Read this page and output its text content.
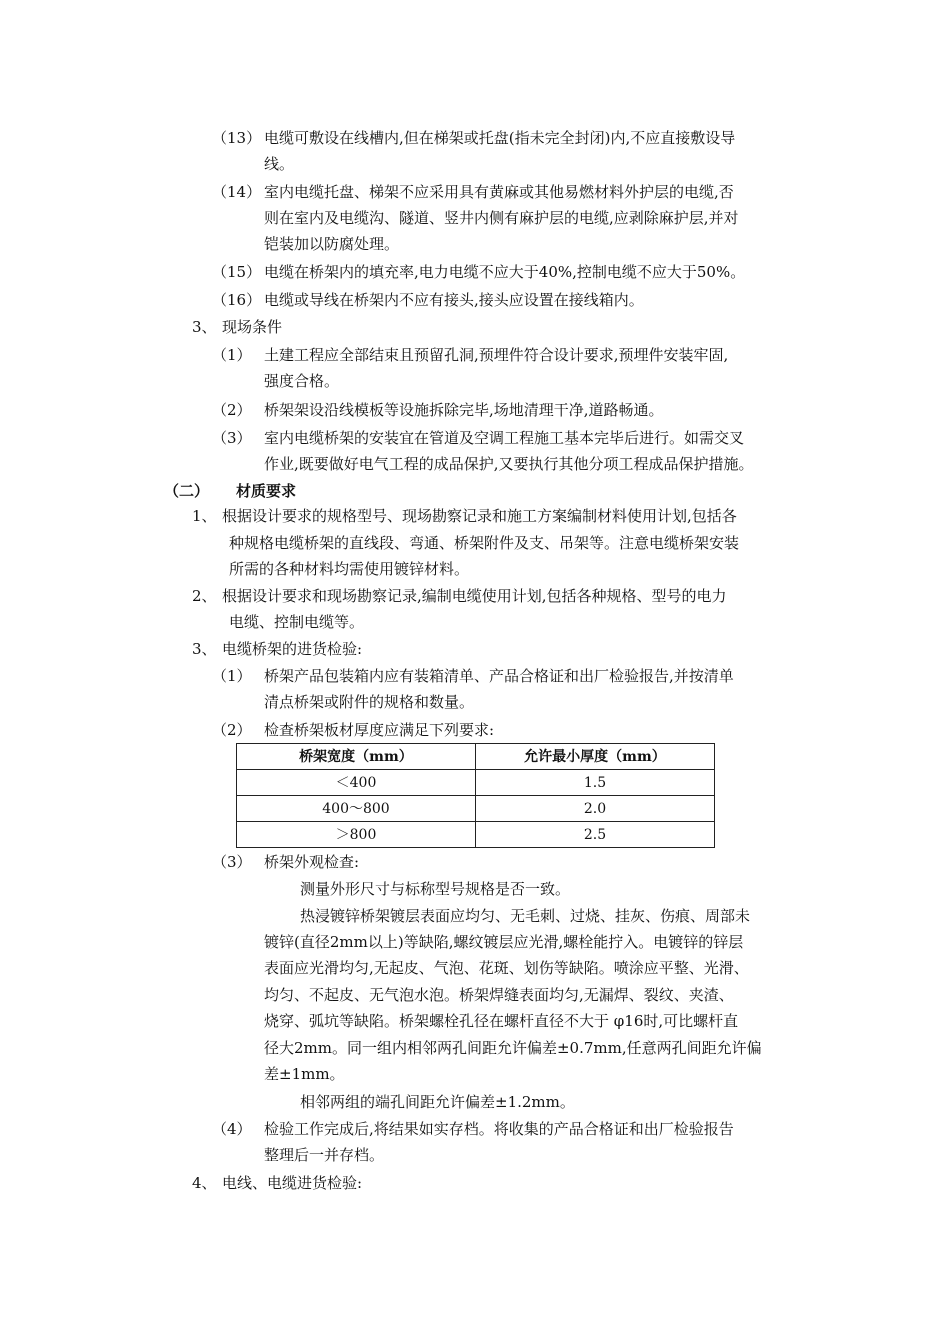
（13） 电缆可敷设在线槽内,但在梯架或托盘(指未完全封闭)内,不应直接敷设导
线。
（14） 室内电缆托盘、梯架不应采用具有黄麻或其他易燃材料外护层的电缆,否
则在室内及电缆沟、隧道、竖井内侧有麻护层的电缆,应剥除麻护层,并对
铠装加以防腐处理。
（15） 电缆在桥架内的填充率,电力电缆不应大于40%,控制电缆不应大于50%。
（16） 电缆或导线在桥架内不应有接头,接头应设置在接线箱内。
3、 现场条件
（1） 土建工程应全部结束且预留孔洞,预埋件符合设计要求,预埋件安装牢固,
强度合格。
（2） 桥架架设沿线模板等设施拆除完毕,场地清理干净,道路畅通。
（3） 室内电缆桥架的安装宜在管道及空调工程施工基本完毕后进行。如需交叉
作业,既要做好电气工程的成品保护,又要执行其他分项工程成品保护措施。
（二） 材质要求
1、 根据设计要求的规格型号、现场勘察记录和施工方案编制材料使用计划,包括各
种规格电缆桥架的直线段、弯通、桥架附件及支、吊架等。注意电缆桥架安装
所需的各种材料均需使用镀锌材料。
2、 根据设计要求和现场勘察记录,编制电缆使用计划,包括各种规格、型号的电力
电缆、控制电缆等。
3、 电缆桥架的进货检验:
（1） 桥架产品包装箱内应有装箱清单、产品合格证和出厂检验报告,并按清单
清点桥架或附件的规格和数量。
（2） 检查桥架板材厚度应满足下列要求:
桥架宽度（mm）	允许最小厚度（mm）
＜400	1.5
400～800	2.0
＞800	2.5
（3） 桥架外观检查:
测量外形尺寸与标称型号规格是否一致。
热浸镀锌桥架镀层表面应均匀、无毛刺、过烧、挂灰、伤痕、周部未
镀锌(直径2mm以上)等缺陷,螺纹镀层应光滑,螺栓能拧入。电镀锌的锌层
表面应光滑均匀,无起皮、气泡、花斑、划伤等缺陷。喷涂应平整、光滑、
均匀、不起皮、无气泡水泡。桥架焊缝表面均匀,无漏焊、裂纹、夹渣、
烧穿、弧坑等缺陷。桥架螺栓孔径在螺杆直径不大于 φ16时,可比螺杆直
径大2mm。同一组内相邻两孔间距允许偏差±0.7mm,任意两孔间距允许偏
差±1mm。
相邻两组的端孔间距允许偏差±1.2mm。
（4） 检验工作完成后,将结果如实存档。将收集的产品合格证和出厂检验报告
整理后一并存档。
4、 电线、电缆进货检验:
